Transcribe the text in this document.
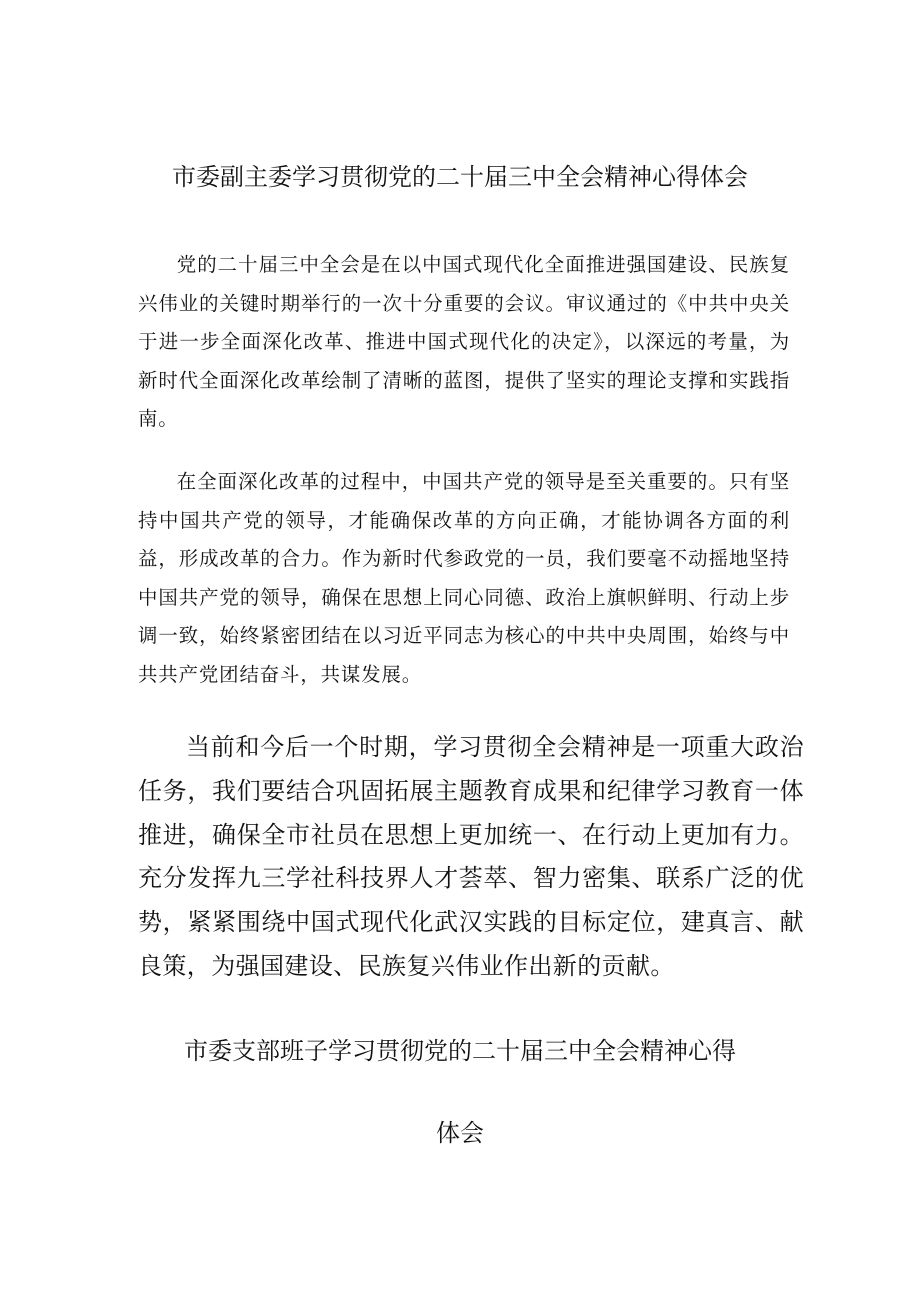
市委副主委学习贯彻党的二十届三中全会精神心得体会

党的二十届三中全会是在以中国式现代化全面推进强国建设、民族复兴伟业的关键时期举行的一次十分重要的会议。审议通过的《中共中央关于进一步全面深化改革、推进中国式现代化的决定》，以深远的考量，为新时代全面深化改革绘制了清晰的蓝图，提供了坚实的理论支撑和实践指南。

在全面深化改革的过程中，中国共产党的领导是至关重要的。只有坚持中国共产党的领导，才能确保改革的方向正确，才能协调各方面的利益，形成改革的合力。作为新时代参政党的一员，我们要毫不动摇地坚持中国共产党的领导，确保在思想上同心同德、政治上旗帜鲜明、行动上步调一致，始终紧密团结在以习近平同志为核心的中共中央周围，始终与中共共产党团结奋斗，共谋发展。

当前和今后一个时期，学习贯彻全会精神是一项重大政治任务，我们要结合巩固拓展主题教育成果和纪律学习教育一体推进，确保全市社员在思想上更加统一、在行动上更加有力。充分发挥九三学社科技界人才荟萃、智力密集、联系广泛的优势，紧紧围绕中国式现代化武汉实践的目标定位，建真言、献良策，为强国建设、民族复兴伟业作出新的贡献。

市委支部班子学习贯彻党的二十届三中全会精神心得
体会
